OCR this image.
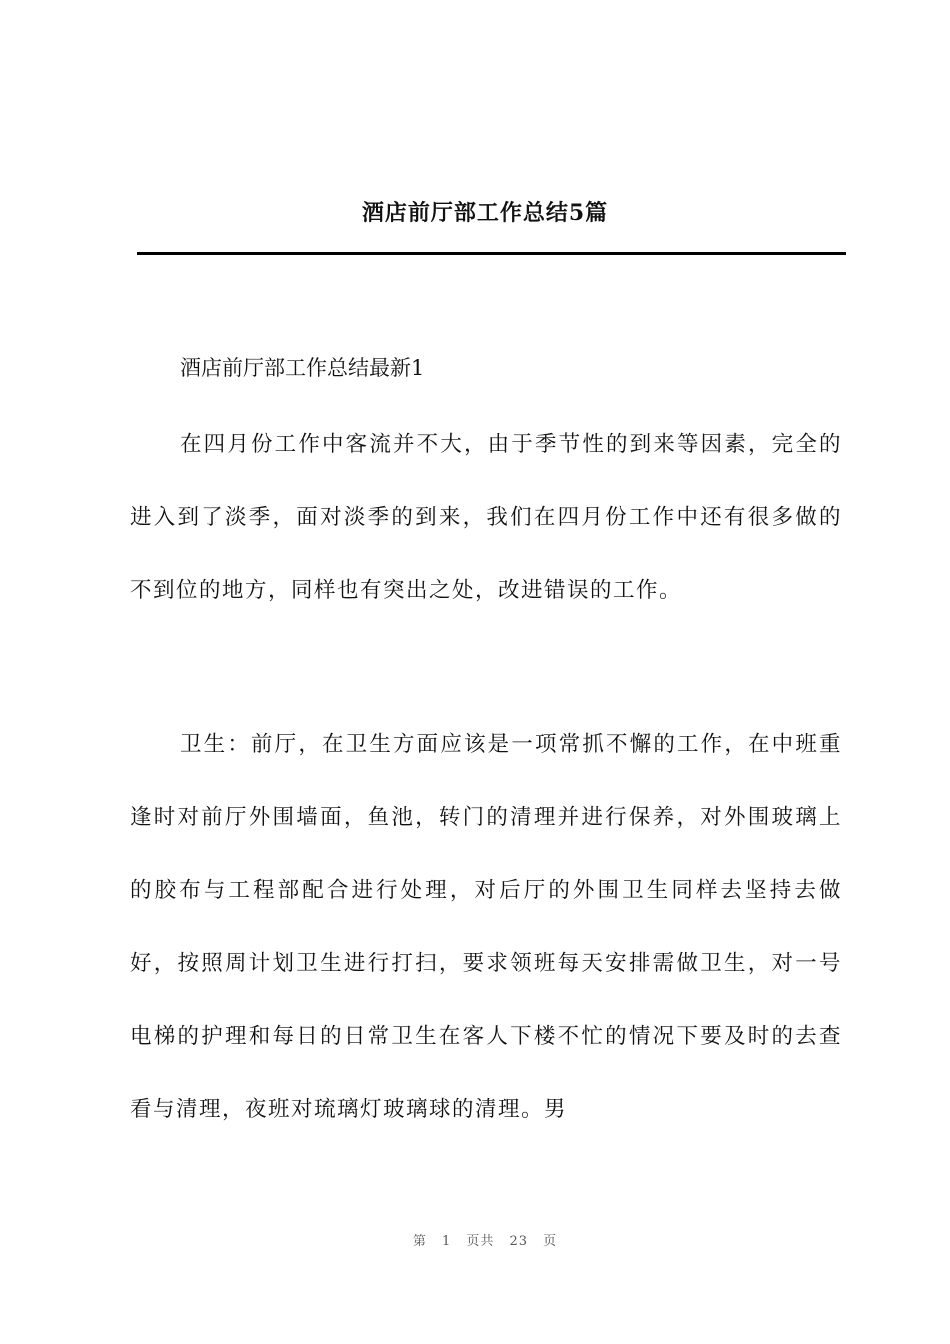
酒店前厅部工作总结5篇

酒店前厅部工作总结最新1

在四月份工作中客流并不大，由于季节性的到来等因素，完全的进入到了淡季，面对淡季的到来，我们在四月份工作中还有很多做的不到位的地方，同样也有突出之处，改进错误的工作。

卫生：前厅，在卫生方面应该是一项常抓不懈的工作，在中班重逢时对前厅外围墙面，鱼池，转门的清理并进行保养，对外围玻璃上的胶布与工程部配合进行处理，对后厅的外围卫生同样去坚持去做好，按照周计划卫生进行打扫，要求领班每天安排需做卫生，对一号电梯的护理和每日的日常卫生在客人下楼不忙的情况下要及时的去查看与清理，夜班对琉璃灯玻璃球的清理。男

第 1 页共 23 页
